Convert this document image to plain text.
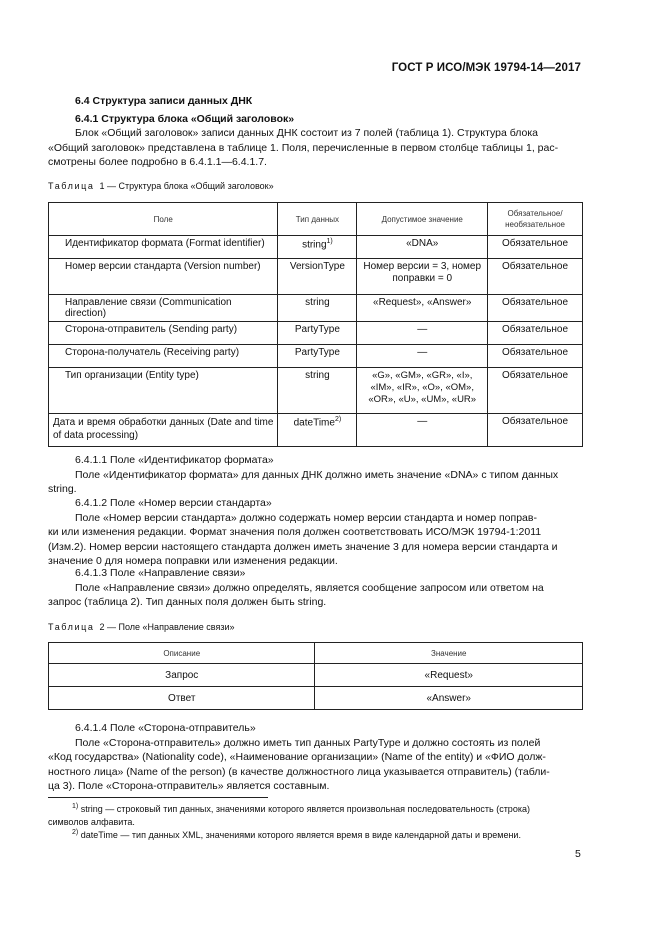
ГОСТ Р ИСО/МЭК 19794-14—2017
6.4 Структура записи данных ДНК
6.4.1 Структура блока «Общий заголовок»
Блок «Общий заголовок» записи данных ДНК состоит из 7 полей (таблица 1). Структура блока
«Общий заголовок» представлена в таблице 1. Поля, перечисленные в первом столбце таблицы 1, рас-
смотрены более подробно в 6.4.1.1—6.4.1.7.
Таблица 1 — Структура блока «Общий заголовок»
Поле	Тип данных	Допустимое значение	Обязательное/ необязательное
Идентификатор формата (Format identifier)	string$^{1)}$	«DNA»	Обязательное
Номер версии стандарта (Version number)	VersionType	Номер версии = 3, номер поправки = 0	Обязательное
Направление связи (Communication direction)	string	«Request», «Answer»	Обязательное
Сторона-отправитель (Sending party)	PartyType	—	Обязательное
Сторона-получатель (Receiving party)	PartyType	—	Обязательное
Тип организации (Entity type)	string	«G», «GM», «GR», «I», «IM», «IR», «O», «OM», «OR», «U», «UM», «UR»	Обязательное
Дата и время обработки данных (Date and time of data processing)	dateTime$^{2)}$	—	Обязательное
6.4.1.1 Поле «Идентификатор формата»
Поле «Идентификатор формата» для данных ДНК должно иметь значение «DNA» с типом данных
string.
6.4.1.2 Поле «Номер версии стандарта»
Поле «Номер версии стандарта» должно содержать номер версии стандарта и номер поправ-
ки или изменения редакции. Формат значения поля должен соответствовать ИСО/МЭК 19794-1:2011
(Изм.2). Номер версии настоящего стандарта должен иметь значение 3 для номера версии стандарта и
значение 0 для номера поправки или изменения редакции.
6.4.1.3 Поле «Направление связи»
Поле «Направление связи» должно определять, является сообщение запросом или ответом на
запрос (таблица 2). Тип данных поля должен быть string.
Таблица 2 — Поле «Направление связи»
Описание	Значение
Запрос	«Request»
Ответ	«Answer»
6.4.1.4 Поле «Сторона-отправитель»
Поле «Сторона-отправитель» должно иметь тип данных PartyType и должно состоять из полей
«Код государства» (Nationality code), «Наименование организации» (Name of the entity) и «ФИО долж-
ностного лица» (Name of the person) (в качестве должностного лица указывается отправитель) (табли-
ца 3). Поле «Сторона-отправитель» является составным.
$^{1)}$ string — строковый тип данных, значениями которого является произвольная последовательность (строка)
символов алфавита.
$^{2)}$ dateTime — тип данных XML, значениями которого является время в виде календарной даты и времени.
5
